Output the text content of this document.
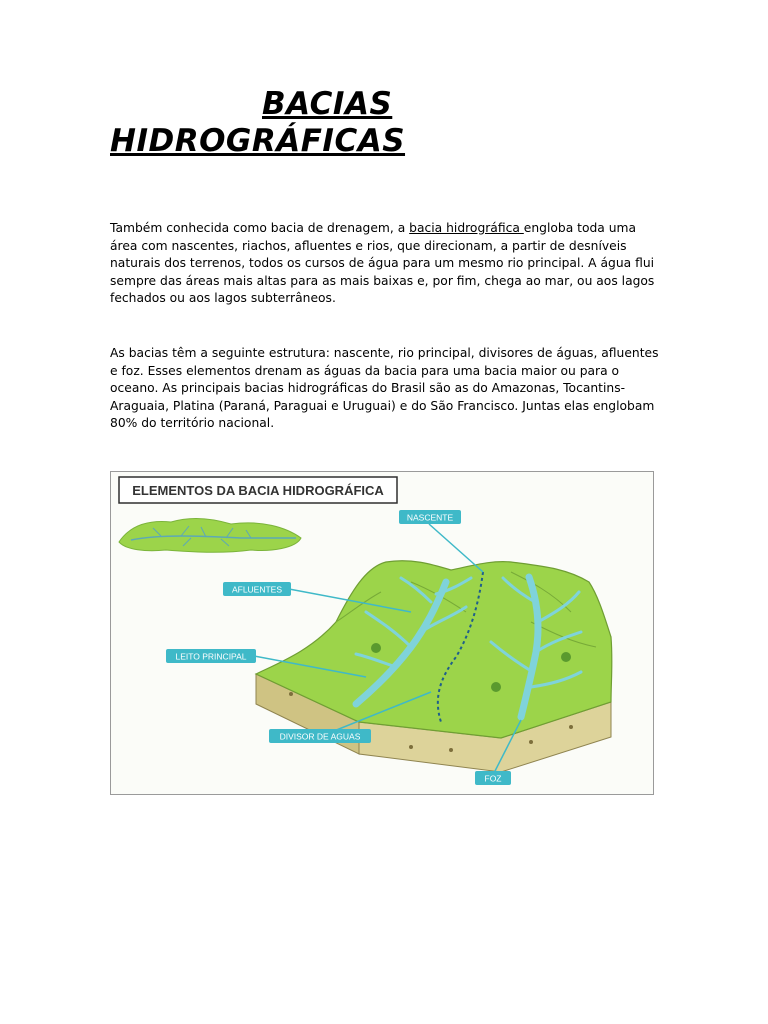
BACIAS
HIDROGRÁFICAS

Também conhecida como bacia de drenagem, a bacia hidrográfica engloba toda uma área com nascentes, riachos, afluentes e rios, que direcionam, a partir de desníveis naturais dos terrenos, todos os cursos de água para um mesmo rio principal. A água flui sempre das áreas mais altas para as mais baixas e, por fim, chega ao mar, ou aos lagos fechados ou aos lagos subterrâneos.

As bacias têm a seguinte estrutura: nascente, rio principal, divisores de águas, afluentes e foz. Esses elementos drenam as águas da bacia para uma bacia maior ou para o oceano. As principais bacias hidrográficas do Brasil são as do Amazonas, Tocantins-Araguaia, Platina (Paraná, Paraguai e Uruguai) e do São Francisco. Juntas elas englobam 80% do território nacional.

ELEMENTOS DA BACIA HIDROGRÁFICA
NASCENTE
AFLUENTES
LEITO PRINCIPAL
DIVISOR DE AGUAS
FOZ
